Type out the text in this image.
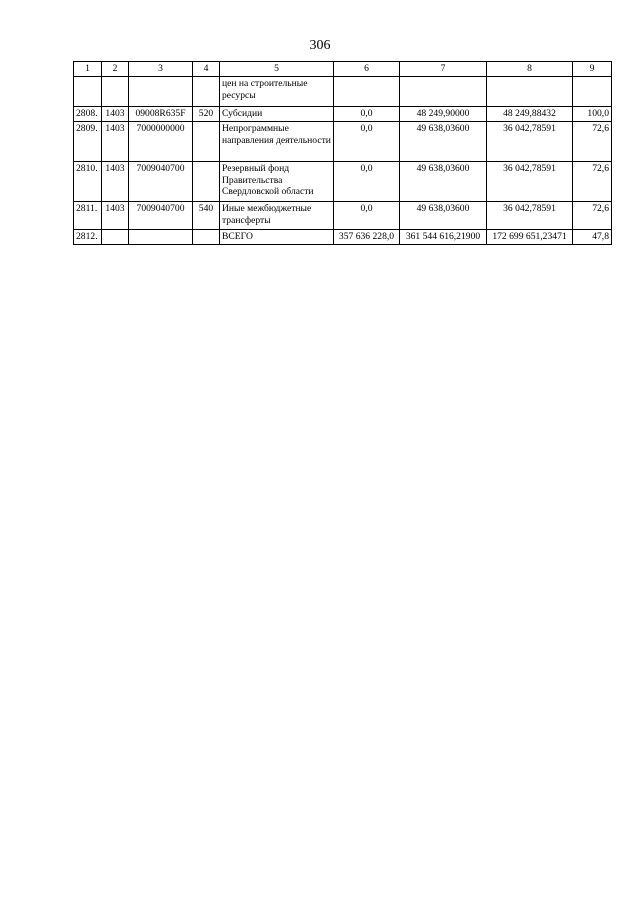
306
1	2	3	4	5	6	7	8	9
				цен на строительные ресурсы				
2808.	1403	09008R635F	520	Субсидии	0,0	48 249,90000	48 249,88432	100,0
2809.	1403	7000000000		Непрограммные направления деятельности	0,0	49 638,03600	36 042,78591	72,6
2810.	1403	7009040700		Резервный фонд Правительства Свердловской области	0,0	49 638,03600	36 042,78591	72,6
2811.	1403	7009040700	540	Иные межбюджетные трансферты	0,0	49 638,03600	36 042,78591	72,6
2812.				ВСЕГО	357 636 228,0	361 544 616,21900	172 699 651,23471	47,8
